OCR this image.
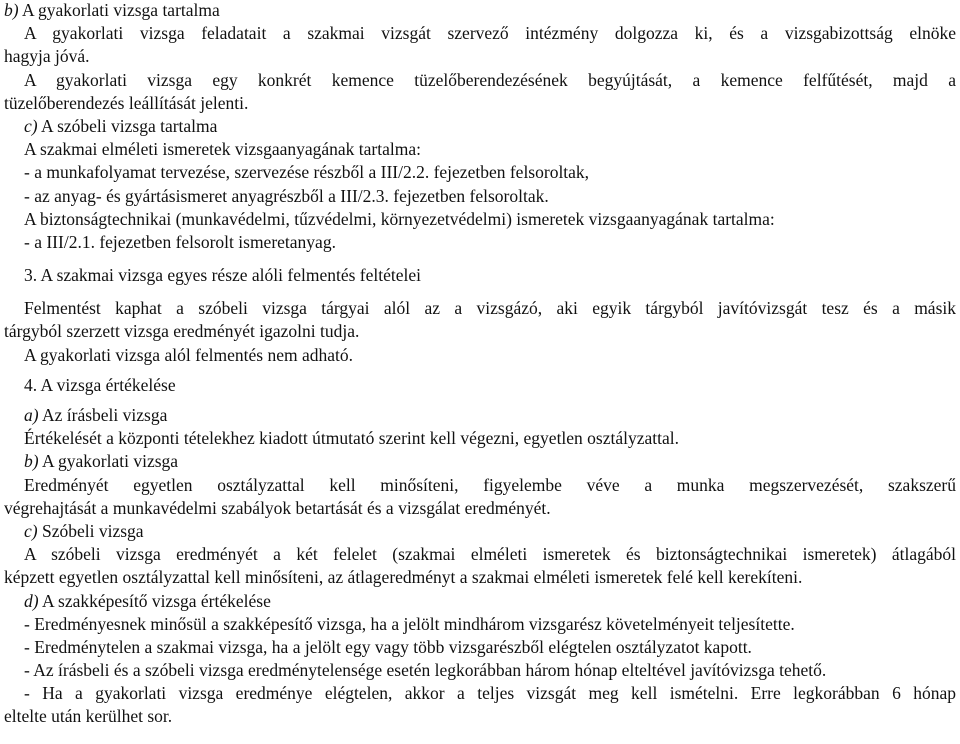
b) A gyakorlati vizsga tartalma
A gyakorlati vizsga feladatait a szakmai vizsgát szervező intézmény dolgozza ki, és a vizsgabizottság elnöke
hagyja jóvá.
A gyakorlati vizsga egy konkrét kemence tüzelőberendezésének begyújtását, a kemence felfűtését, majd a
tüzelőberendezés leállítását jelenti.
c) A szóbeli vizsga tartalma
A szakmai elméleti ismeretek vizsgaanyagának tartalma:
- a munkafolyamat tervezése, szervezése részből a III/2.2. fejezetben felsoroltak,
- az anyag- és gyártásismeret anyagrészből a III/2.3. fejezetben felsoroltak.
A biztonságtechnikai (munkavédelmi, tűzvédelmi, környezetvédelmi) ismeretek vizsgaanyagának tartalma:
- a III/2.1. fejezetben felsorolt ismeretanyag.
3. A szakmai vizsga egyes része alóli felmentés feltételei
Felmentést kaphat a szóbeli vizsga tárgyai alól az a vizsgázó, aki egyik tárgyból javítóvizsgát tesz és a másik
tárgyból szerzett vizsga eredményét igazolni tudja.
A gyakorlati vizsga alól felmentés nem adható.
4. A vizsga értékelése
a) Az írásbeli vizsga
Értékelését a központi tételekhez kiadott útmutató szerint kell végezni, egyetlen osztályzattal.
b) A gyakorlati vizsga
Eredményét egyetlen osztályzattal kell minősíteni, figyelembe véve a munka megszervezését, szakszerű
végrehajtását a munkavédelmi szabályok betartását és a vizsgálat eredményét.
c) Szóbeli vizsga
A szóbeli vizsga eredményét a két felelet (szakmai elméleti ismeretek és biztonságtechnikai ismeretek) átlagából
képzett egyetlen osztályzattal kell minősíteni, az átlageredményt a szakmai elméleti ismeretek felé kell kerekíteni.
d) A szakképesítő vizsga értékelése
- Eredményesnek minősül a szakképesítő vizsga, ha a jelölt mindhárom vizsgarész követelményeit teljesítette.
- Eredménytelen a szakmai vizsga, ha a jelölt egy vagy több vizsgarészből elégtelen osztályzatot kapott.
- Az írásbeli és a szóbeli vizsga eredménytelensége esetén legkorábban három hónap elteltével javítóvizsga tehető.
- Ha a gyakorlati vizsga eredménye elégtelen, akkor a teljes vizsgát meg kell ismételni. Erre legkorábban 6 hónap
eltelte után kerülhet sor.
